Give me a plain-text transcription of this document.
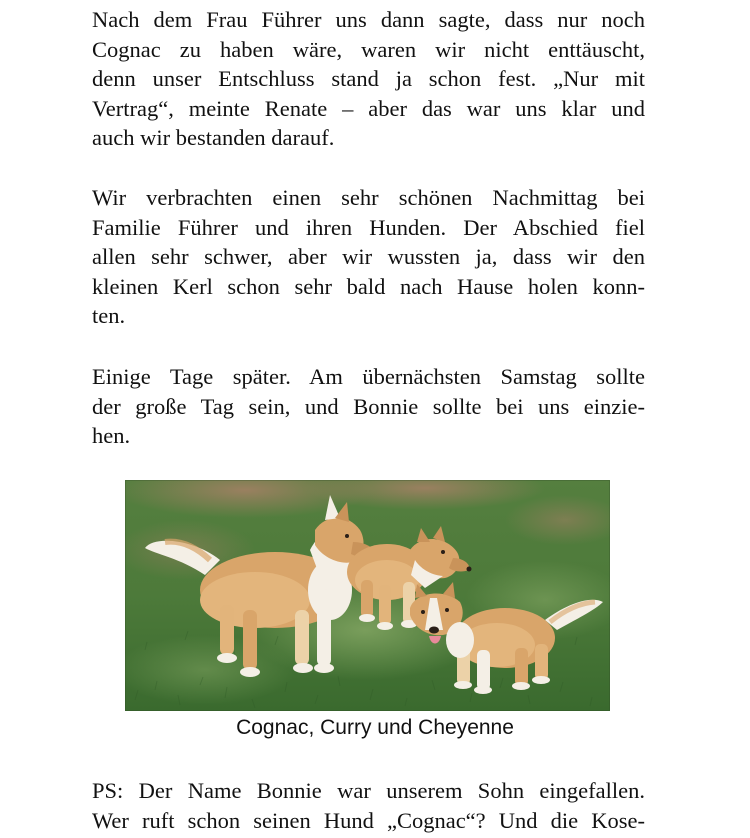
Nach dem Frau Führer uns dann sagte, dass nur noch
Cognac zu haben wäre, waren wir nicht enttäuscht,
denn unser Entschluss stand ja schon fest. „Nur mit
Vertrag“, meinte Renate – aber das war uns klar und
auch wir bestanden darauf.

Wir verbrachten einen sehr schönen Nachmittag bei
Familie Führer und ihren Hunden. Der Abschied fiel
allen sehr schwer, aber wir wussten ja, dass wir den
kleinen Kerl schon sehr bald nach Hause holen konn-
ten.

Einige Tage später. Am übernächsten Samstag sollte
der große Tag sein, und Bonnie sollte bei uns einzie-
hen.

Cognac, Curry und Cheyenne

PS: Der Name Bonnie war unserem Sohn eingefallen.
Wer ruft schon seinen Hund „Cognac“? Und die Kose-
